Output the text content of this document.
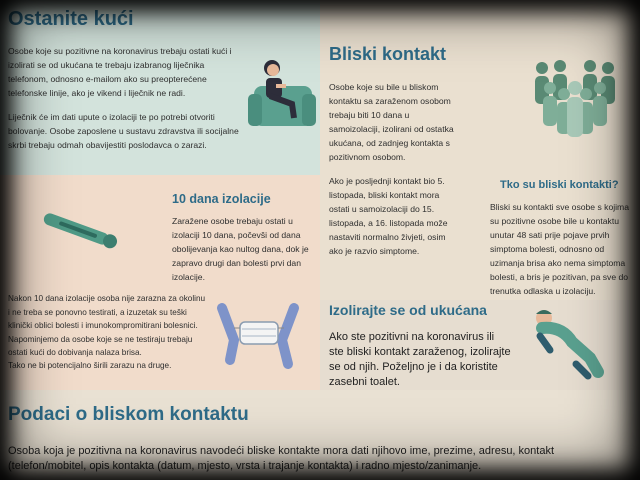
Ostanite kući

Osobe koje su pozitivne na koronavirus trebaju ostati kući i izolirati se od ukućana te trebaju izabranog liječnika telefonom, odnosno e-mailom ako su preopterećene telefonske linije, ako je vikend i liječnik ne radi.

Liječnik će im dati upute o izolaciji te po potrebi otvoriti bolovanje. Osobe zaposlene u sustavu zdravstva ili socijalne skrbi trebaju odmah obavijestiti poslodavca o zarazi.

Bliski kontakt

Osobe koje su bile u bliskom kontaktu sa zaraženom osobom trebaju biti 10 dana u samoizolaciji, izolirani od ostatka ukućana, od zadnjeg kontakta s pozitivnom osobom.

Ako je posljednji kontakt bio 5. listopada, bliski kontakt mora ostati u samoizolaciji do 15. listopada, a 16. listopada može nastaviti normalno živjeti, osim ako je razvio simptome.

Tko su bliski kontakti?

Bliski su kontakti sve osobe s kojima su pozitivne osobe bile u kontaktu unutar 48 sati prije pojave prvih simptoma bolesti, odnosno od uzimanja brisa ako nema simptoma bolesti, a bris je pozitivan, pa sve do trenutka odlaska u izolaciju.

10 dana izolacije

Zaražene osobe trebaju ostati u izolaciji 10 dana, počevši od dana obolijevanja kao nultog dana, dok je zapravo drugi dan bolesti prvi dan izolacije.

Nakon 10 dana izolacije osoba nije zarazna za okolinu i ne treba se ponovno testirati, a izuzetak su teški klinički oblici bolesti i imunokompromitirani bolesnici. Napominjemo da osobe koje se ne testiraju trebaju ostati kući do dobivanja nalaza brisa.

Tako ne bi potencijalno širili zarazu na druge.

Izolirajte se od ukućana

Ako ste pozitivni na koronavirus ili ste bliski kontakt zaraženog, izolirajte se od njih. Poželjno je i da koristite zasebni toalet.

Podaci o bliskom kontaktu

Osoba koja je pozitivna na koronavirus navodeći bliske kontakte mora dati njihovo ime, prezime, adresu, kontakt (telefon/mobitel, opis kontakta (datum, mjesto, vrsta i trajanje kontakta) i radno mjesto/zanimanje.
